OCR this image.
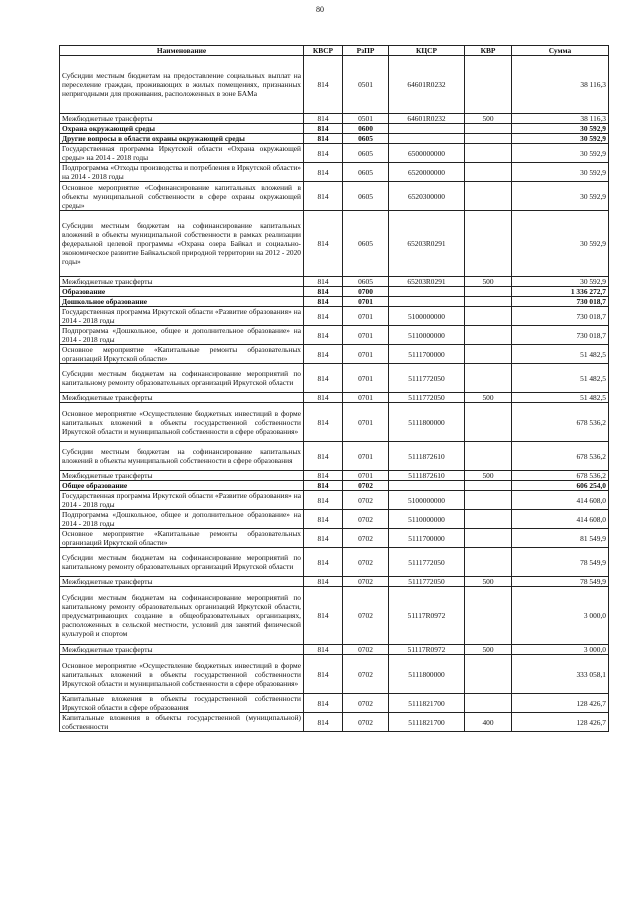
80
Наименование	КВСР	РзПР	КЦСР	КВР	Сумма
Субсидии местным бюджетам на предоставление социальных выплат на переселение граждан, проживающих в жилых помещениях, признанных непригодными для проживания, расположенных в зоне БАМа	814	0501	64601R0232		38 116,3
Межбюджетные трансферты	814	0501	64601R0232	500	38 116,3
Охрана окружающей среды	814	0600			30 592,9
Другие вопросы в области охраны окружающей среды	814	0605			30 592,9
Государственная программа Иркутской области «Охрана окружающей среды» на 2014 - 2018 годы	814	0605	6500000000		30 592,9
Подпрограмма «Отходы производства и потребления в Иркутской области» на 2014 - 2018 годы	814	0605	6520000000		30 592,9
Основное мероприятие «Софинансирование капитальных вложений в объекты муниципальной собственности в сфере охраны окружающей среды»	814	0605	6520300000		30 592,9
Субсидии местным бюджетам на софинансирование капитальных вложений в объекты муниципальной собственности в рамках реализации федеральной целевой программы «Охрана озера Байкал и социально-экономическое развитие Байкальской природной территории на 2012 - 2020 годы»	814	0605	65203R0291		30 592,9
Межбюджетные трансферты	814	0605	65203R0291	500	30 592,9
Образование	814	0700			1 336 272,7
Дошкольное образование	814	0701			730 018,7
Государственная программа Иркутской области «Развитие образования» на 2014 - 2018 годы	814	0701	5100000000		730 018,7
Подпрограмма «Дошкольное, общее и дополнительное образование» на 2014 - 2018 годы	814	0701	5110000000		730 018,7
Основное мероприятие «Капитальные ремонты образовательных организаций Иркутской области»	814	0701	5111700000		51 482,5
Субсидии местным бюджетам на софинансирование мероприятий по капитальному ремонту образовательных организаций Иркутской области	814	0701	5111772050		51 482,5
Межбюджетные трансферты	814	0701	5111772050	500	51 482,5
Основное мероприятие «Осуществление бюджетных инвестиций в форме капитальных вложений в объекты государственной собственности Иркутской области и муниципальной собственности в сфере образования»	814	0701	5111800000		678 536,2
Субсидии местным бюджетам на софинансирование капитальных вложений в объекты муниципальной собственности в сфере образования	814	0701	5111872610		678 536,2
Межбюджетные трансферты	814	0701	5111872610	500	678 536,2
Общее образование	814	0702			606 254,0
Государственная программа Иркутской области «Развитие образования» на 2014 - 2018 годы	814	0702	5100000000		414 608,0
Подпрограмма «Дошкольное, общее и дополнительное образование» на 2014 - 2018 годы	814	0702	5110000000		414 608,0
Основное мероприятие «Капитальные ремонты образовательных организаций Иркутской области»	814	0702	5111700000		81 549,9
Субсидии местным бюджетам на софинансирование мероприятий по капитальному ремонту образовательных организаций Иркутской области	814	0702	5111772050		78 549,9
Межбюджетные трансферты	814	0702	5111772050	500	78 549,9
Субсидии местным бюджетам на софинансирование мероприятий по капитальному ремонту образовательных организаций Иркутской области, предусматривающих создание в общеобразовательных организациях, расположенных в сельской местности, условий для занятий физической культурой и спортом	814	0702	51117R0972		3 000,0
Межбюджетные трансферты	814	0702	51117R0972	500	3 000,0
Основное мероприятие «Осуществление бюджетных инвестиций в форме капитальных вложений в объекты государственной собственности Иркутской области и муниципальной собственности в сфере образования»	814	0702	5111800000		333 058,1
Капитальные вложения в объекты государственной собственности Иркутской области в сфере образования	814	0702	5111821700		128 426,7
Капитальные вложения в объекты государственной (муниципальной) собственности	814	0702	5111821700	400	128 426,7
